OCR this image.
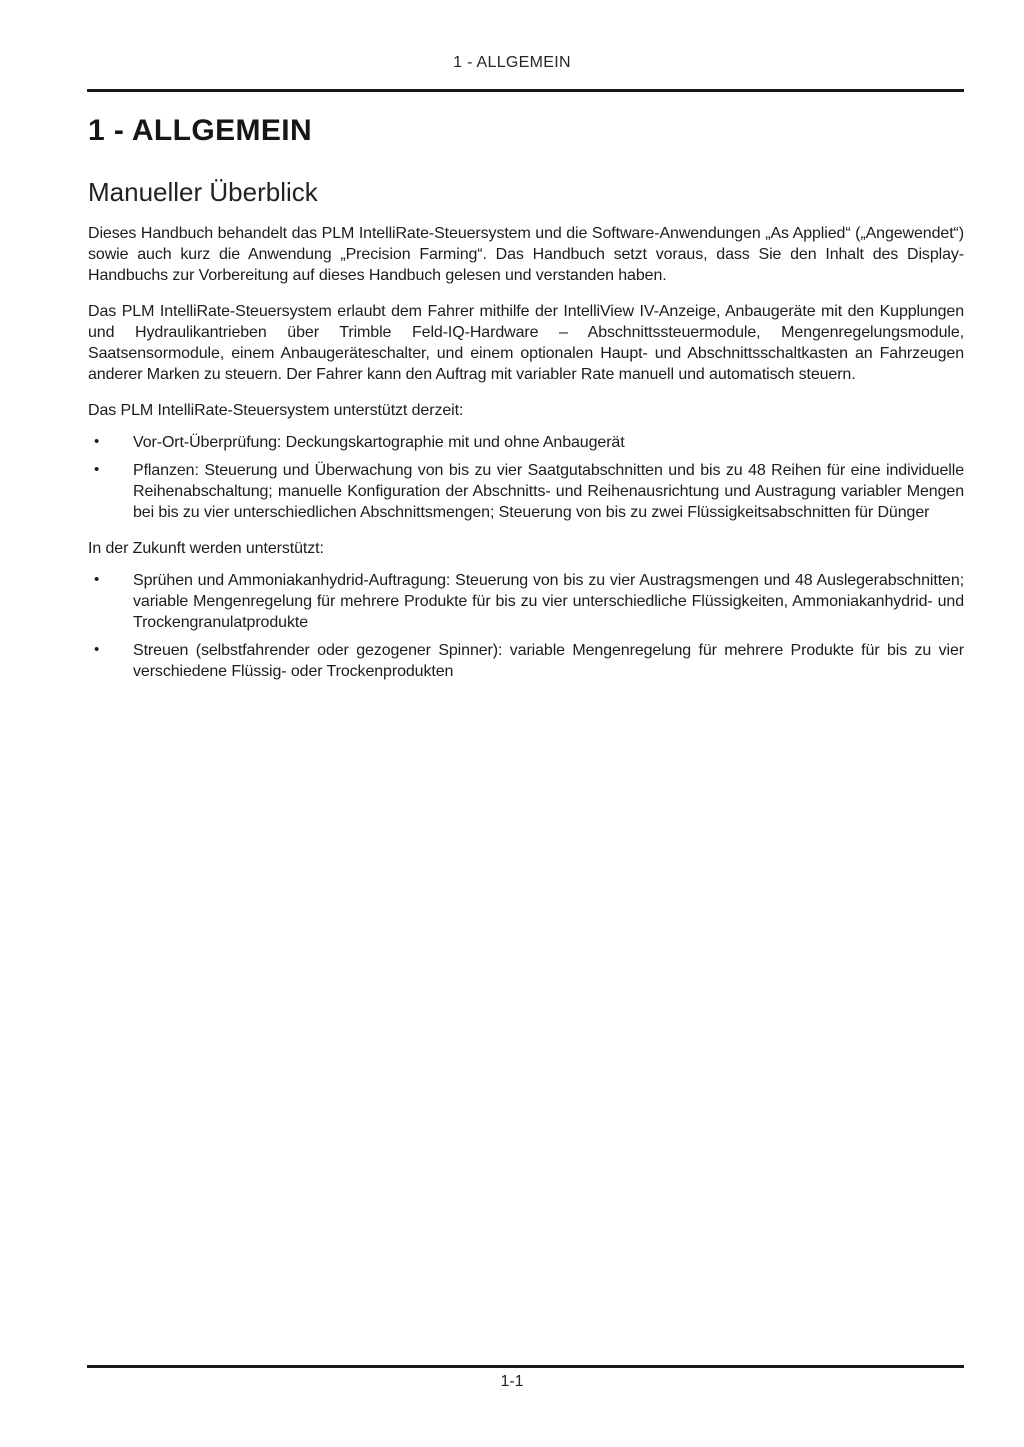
1 - ALLGEMEIN
1 - ALLGEMEIN
Manueller Überblick

Dieses Handbuch behandelt das PLM IntelliRate-Steuersystem und die Software-Anwendungen „As Applied“ („Angewendet“) sowie auch kurz die Anwendung „Precision Farming“. Das Handbuch setzt voraus, dass Sie den Inhalt des Display-Handbuchs zur Vorbereitung auf dieses Handbuch gelesen und verstanden haben.

Das PLM IntelliRate-Steuersystem erlaubt dem Fahrer mithilfe der IntelliView IV-Anzeige, Anbaugeräte mit den Kupplungen und Hydraulikantrieben über Trimble Feld-IQ-Hardware – Abschnittssteuermodule, Mengenregelungsmodule, Saatsensormodule, einem Anbaugeräteschalter, und einem optionalen Haupt- und Abschnittsschaltkasten an Fahrzeugen anderer Marken zu steuern. Der Fahrer kann den Auftrag mit variabler Rate manuell und automatisch steuern.

Das PLM IntelliRate-Steuersystem unterstützt derzeit:

• Vor-Ort-Überprüfung: Deckungskartographie mit und ohne Anbaugerät
• Pflanzen: Steuerung und Überwachung von bis zu vier Saatgutabschnitten und bis zu 48 Reihen für eine individuelle Reihenabschaltung; manuelle Konfiguration der Abschnitts- und Reihenausrichtung und Austragung variabler Mengen bei bis zu vier unterschiedlichen Abschnittsmengen; Steuerung von bis zu zwei Flüssigkeitsabschnitten für Dünger

In der Zukunft werden unterstützt:

• Sprühen und Ammoniakanhydrid-Auftragung: Steuerung von bis zu vier Austragsmengen und 48 Auslegerabschnitten; variable Mengenregelung für mehrere Produkte für bis zu vier unterschiedliche Flüssigkeiten, Ammoniakanhydrid- und Trockengranulatprodukte
• Streuen (selbstfahrender oder gezogener Spinner): variable Mengenregelung für mehrere Produkte für bis zu vier verschiedene Flüssig- oder Trockenprodukten
1-1
